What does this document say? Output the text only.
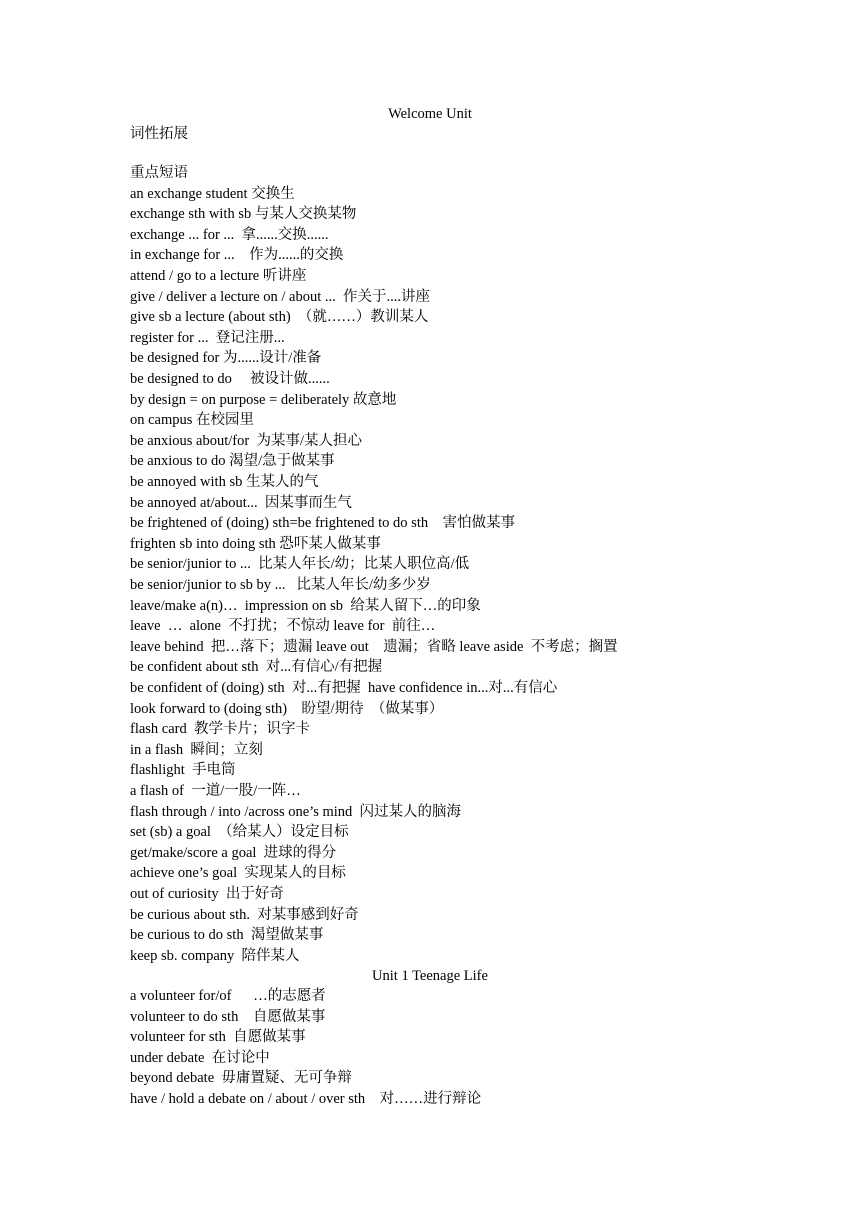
Welcome Unit
词性拓展
重点短语
an exchange student 交换生
exchange sth with sb 与某人交换某物
exchange ... for ...  拿......交换......
in exchange for ...    作为......的交换
attend / go to a lecture 听讲座
give / deliver a lecture on / about ...  作关于....讲座
give sb a lecture (about sth)  （就……）教训某人
register for ...  登记注册...
be designed for 为......设计/准备
be designed to do     被设计做......
by design = on purpose = deliberately 故意地
on campus 在校园里
be anxious about/for  为某事/某人担心
be anxious to do 渴望/急于做某事
be annoyed with sb 生某人的气
be annoyed at/about...  因某事而生气
be frightened of (doing) sth=be frightened to do sth    害怕做某事
frighten sb into doing sth 恐吓某人做某事
be senior/junior to ...  比某人年长/幼；比某人职位高/低
be senior/junior to sb by ...   比某人年长/幼多少岁
leave/make a(n)…  impression on sb  给某人留下…的印象
leave  …  alone  不打扰；不惊动 leave for  前往…
leave behind  把…落下；遗漏 leave out    遗漏；省略 leave aside  不考虑；搁置
be confident about sth  对...有信心/有把握
be confident of (doing) sth  对...有把握  have confidence in...对...有信心
look forward to (doing sth)    盼望/期待  （做某事）
flash card  教学卡片；识字卡
in a flash  瞬间；立刻
flashlight  手电筒
a flash of  一道/一股/一阵…
flash through / into /across one’s mind  闪过某人的脑海
set (sb) a goal  （给某人）设定目标
get/make/score a goal  进球的得分
achieve one’s goal  实现某人的目标
out of curiosity  出于好奇
be curious about sth.  对某事感到好奇
be curious to do sth  渴望做某事
keep sb. company  陪伴某人
Unit 1 Teenage Life
a volunteer for/of      …的志愿者
volunteer to do sth    自愿做某事
volunteer for sth  自愿做某事
under debate  在讨论中
beyond debate  毋庸置疑、无可争辩
have / hold a debate on / about / over sth    对……进行辩论
